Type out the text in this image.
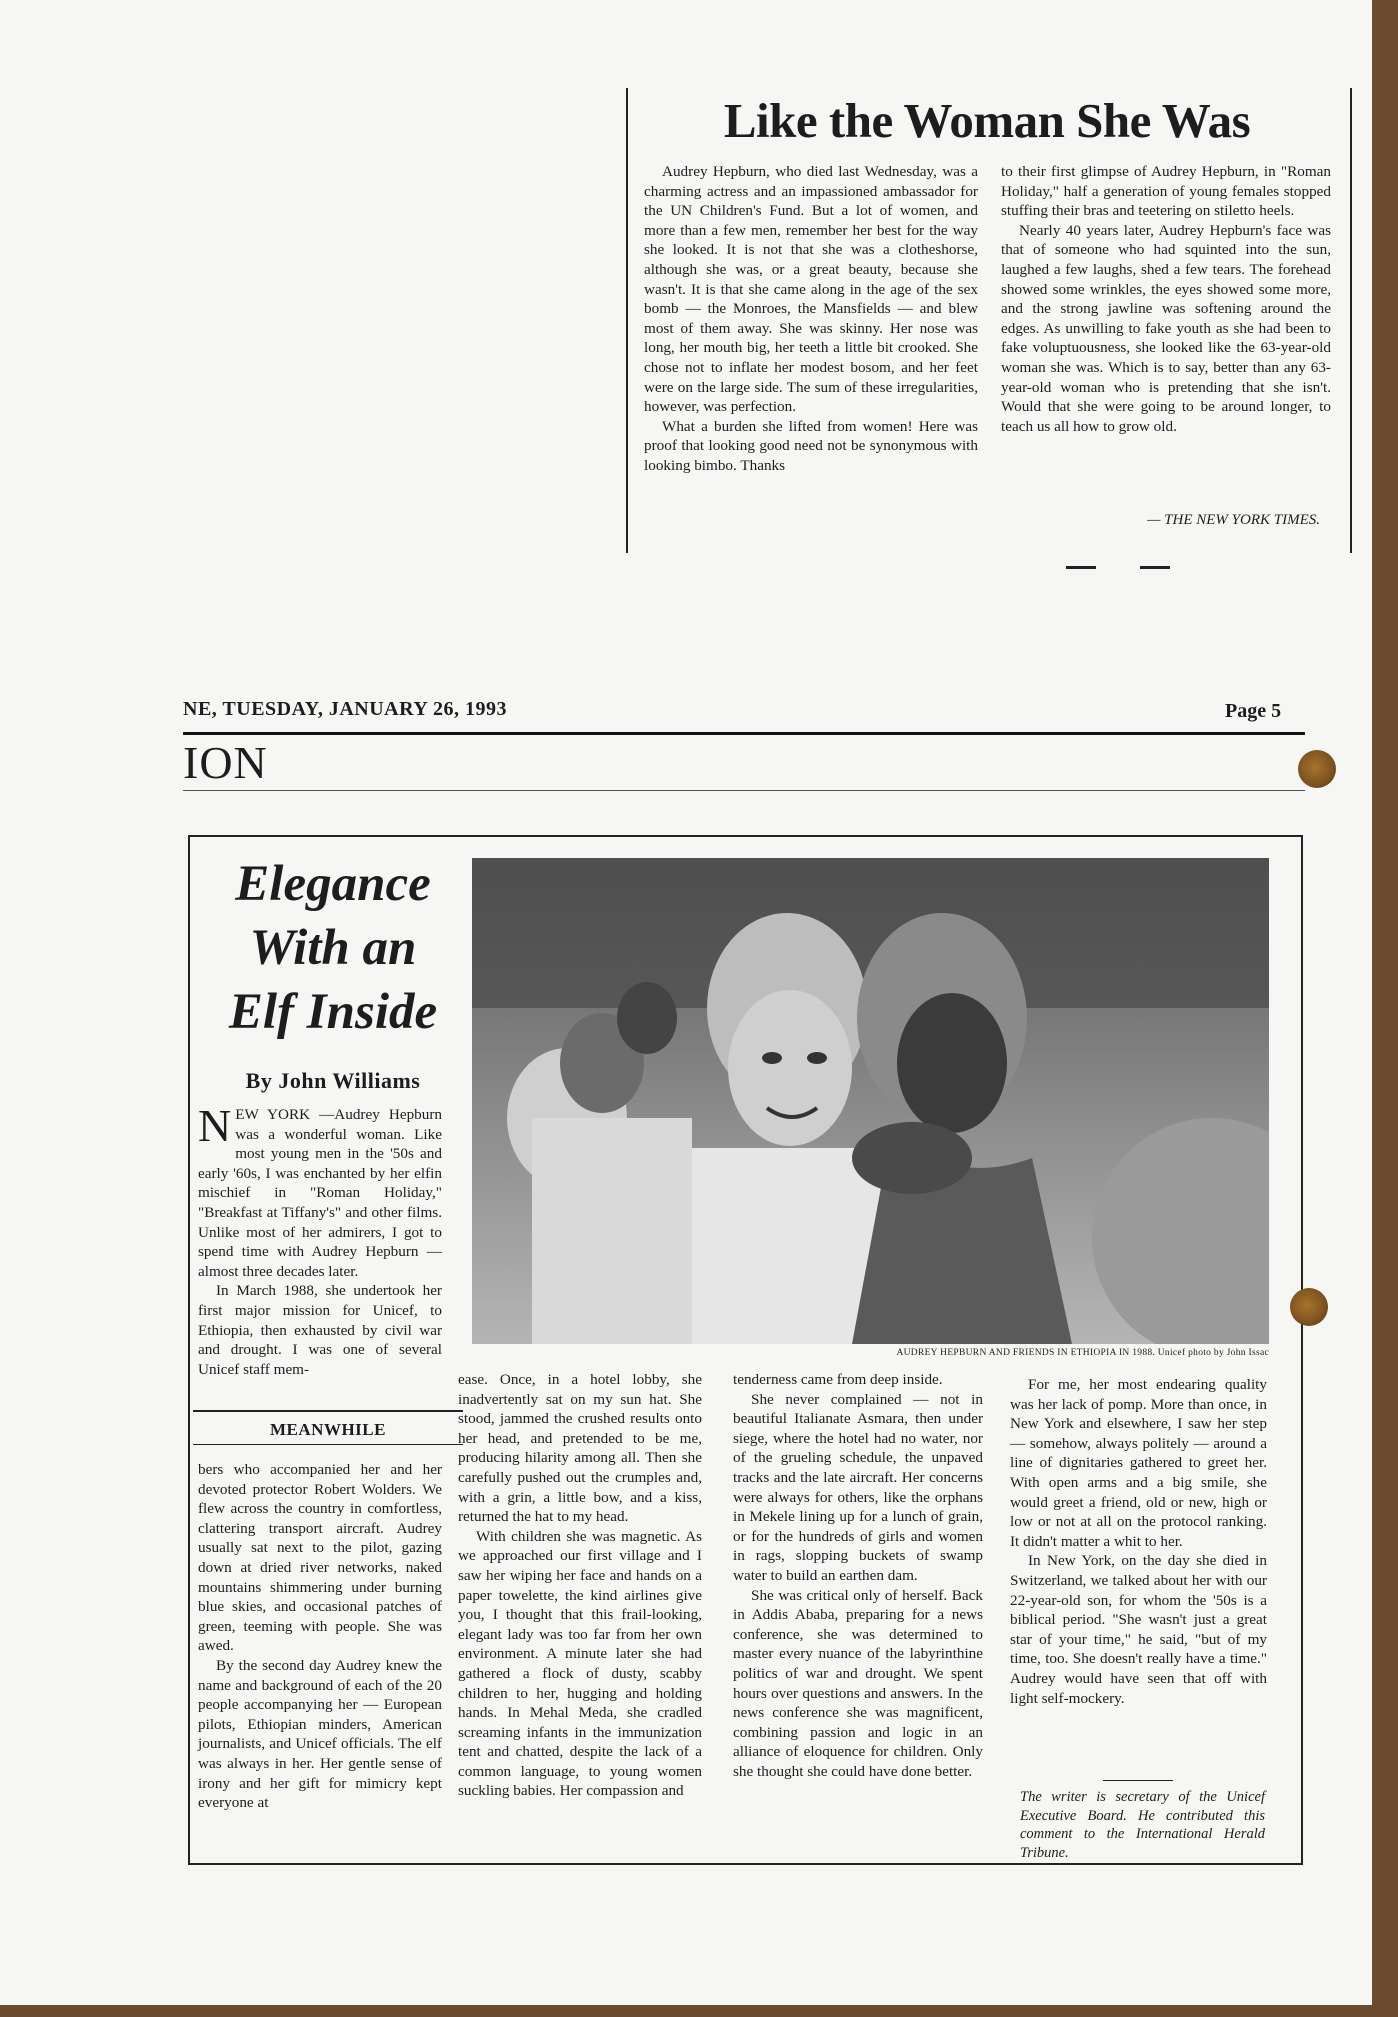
Like the Woman She Was

Audrey Hepburn, who died last Wednesday, was a charming actress and an impassioned ambassador for the UN Children's Fund. But a lot of women, and more than a few men, remember her best for the way she looked. It is not that she was a clotheshorse, although she was, or a great beauty, because she wasn't. It is that she came along in the age of the sex bomb — the Monroes, the Mansfields — and blew most of them away. She was skinny. Her nose was long, her mouth big, her teeth a little bit crooked. She chose not to inflate her modest bosom, and her feet were on the large side. The sum of these irregularities, however, was perfection.

What a burden she lifted from women! Here was proof that looking good need not be synonymous with looking bimbo. Thanks

to their first glimpse of Audrey Hepburn, in "Roman Holiday," half a generation of young females stopped stuffing their bras and teetering on stiletto heels.

Nearly 40 years later, Audrey Hepburn's face was that of someone who had squinted into the sun, laughed a few laughs, shed a few tears. The forehead showed some wrinkles, the eyes showed some more, and the strong jawline was softening around the edges. As unwilling to fake youth as she had been to fake voluptuousness, she looked like the 63-year-old woman she was. Which is to say, better than any 63-year-old woman who is pretending that she isn't. Would that she were going to be around longer, to teach us all how to grow old.

— THE NEW YORK TIMES.
NE, TUESDAY, JANUARY 26, 1993	Page 5
ION
Elegance
With an
Elf Inside
By John Williams

NEW YORK —Audrey Hepburn was a wonderful woman. Like most young men in the '50s and early '60s, I was enchanted by her elfin mischief in "Roman Holiday," "Breakfast at Tiffany's" and other films. Unlike most of her admirers, I got to spend time with Audrey Hepburn — almost three decades later.

In March 1988, she undertook her first major mission for Unicef, to Ethiopia, then exhausted by civil war and drought. I was one of several Unicef staff mem-

MEANWHILE

bers who accompanied her and her devoted protector Robert Wolders. We flew across the country in comfortless, clattering transport aircraft. Audrey usually sat next to the pilot, gazing down at dried river networks, naked mountains shimmering under burning blue skies, and occasional patches of green, teeming with people. She was awed.

By the second day Audrey knew the name and background of each of the 20 people accompanying her — European pilots, Ethiopian minders, American journalists, and Unicef officials. The elf was always in her. Her gentle sense of irony and her gift for mimicry kept everyone at

AUDREY HEPBURN AND FRIENDS IN ETHIOPIA IN 1988. Unicef photo by John Issac

ease. Once, in a hotel lobby, she inadvertently sat on my sun hat. She stood, jammed the crushed results onto her head, and pretended to be me, producing hilarity among all. Then she carefully pushed out the crumples and, with a grin, a little bow, and a kiss, returned the hat to my head.

With children she was magnetic. As we approached our first village and I saw her wiping her face and hands on a paper towelette, the kind airlines give you, I thought that this frail-looking, elegant lady was too far from her own environment. A minute later she had gathered a flock of dusty, scabby children to her, hugging and holding hands. In Mehal Meda, she cradled screaming infants in the immunization tent and chatted, despite the lack of a common language, to young women suckling babies. Her compassion and

tenderness came from deep inside.

She never complained — not in beautiful Italianate Asmara, then under siege, where the hotel had no water, nor of the grueling schedule, the unpaved tracks and the late aircraft. Her concerns were always for others, like the orphans in Mekele lining up for a lunch of grain, or for the hundreds of girls and women in rags, slopping buckets of swamp water to build an earthen dam.

She was critical only of herself. Back in Addis Ababa, preparing for a news conference, she was determined to master every nuance of the labyrinthine politics of war and drought. We spent hours over questions and answers. In the news conference she was magnificent, combining passion and logic in an alliance of eloquence for children. Only she thought she could have done better.

For me, her most endearing quality was her lack of pomp. More than once, in New York and elsewhere, I saw her step — somehow, always politely — around a line of dignitaries gathered to greet her. With open arms and a big smile, she would greet a friend, old or new, high or low or not at all on the protocol ranking. It didn't matter a whit to her.

In New York, on the day she died in Switzerland, we talked about her with our 22-year-old son, for whom the '50s is a biblical period. "She wasn't just a great star of your time," he said, "but of my time, too. She doesn't really have a time." Audrey would have seen that off with light self-mockery.

The writer is secretary of the Unicef Executive Board. He contributed this comment to the International Herald Tribune.
